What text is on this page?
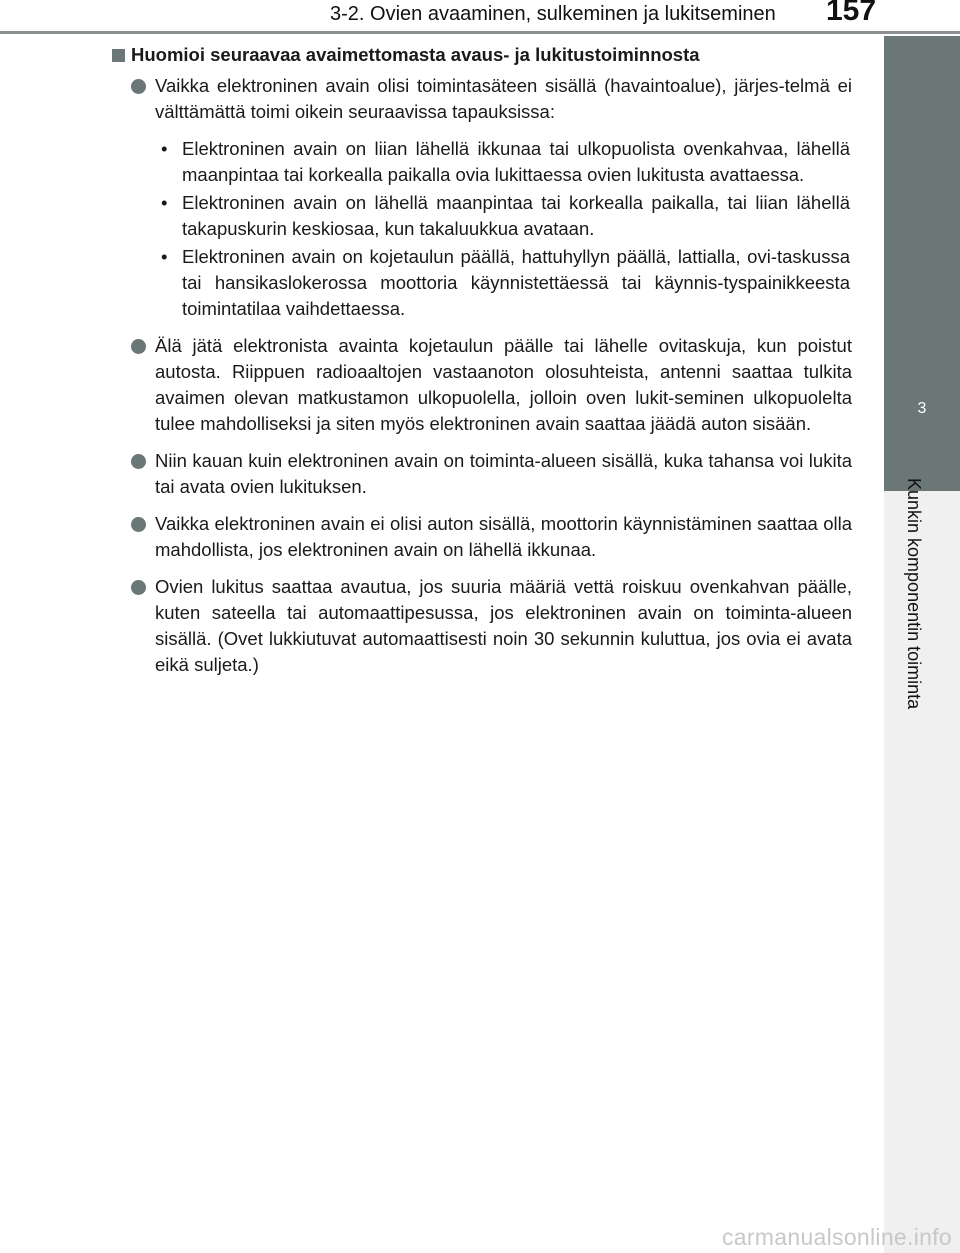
3-2. Ovien avaaminen, sulkeminen ja lukitseminen 157
3
Kunkin komponentin toiminta
Huomioi seuraavaa avaimettomasta avaus- ja lukitustoiminnosta
Vaikka elektroninen avain olisi toimintasäteen sisällä (havaintoalue), järjes-telmä ei välttämättä toimi oikein seuraavissa tapauksissa:
• Elektroninen avain on liian lähellä ikkunaa tai ulkopuolista ovenkahvaa, lähellä maanpintaa tai korkealla paikalla ovia lukittaessa ovien lukitusta avattaessa.
• Elektroninen avain on lähellä maanpintaa tai korkealla paikalla, tai liian lähellä takapuskurin keskiosaa, kun takaluukkua avataan.
• Elektroninen avain on kojetaulun päällä, hattuhyllyn päällä, lattialla, ovi-taskussa tai hansikaslokerossa moottoria käynnistettäessä tai käynnis-tyspainikkeesta toimintatilaa vaihdettaessa.
Älä jätä elektronista avainta kojetaulun päälle tai lähelle ovitaskuja, kun poistut autosta. Riippuen radioaaltojen vastaanoton olosuhteista, antenni saattaa tulkita avaimen olevan matkustamon ulkopuolella, jolloin oven lukit-seminen ulkopuolelta tulee mahdolliseksi ja siten myös elektroninen avain saattaa jäädä auton sisään.
Niin kauan kuin elektroninen avain on toiminta-alueen sisällä, kuka tahansa voi lukita tai avata ovien lukituksen.
Vaikka elektroninen avain ei olisi auton sisällä, moottorin käynnistäminen saattaa olla mahdollista, jos elektroninen avain on lähellä ikkunaa.
Ovien lukitus saattaa avautua, jos suuria määriä vettä roiskuu ovenkahvan päälle, kuten sateella tai automaattipesussa, jos elektroninen avain on toiminta-alueen sisällä. (Ovet lukkiutuvat automaattisesti noin 30 sekunnin kuluttua, jos ovia ei avata eikä suljeta.)
carmanualsonline.info
